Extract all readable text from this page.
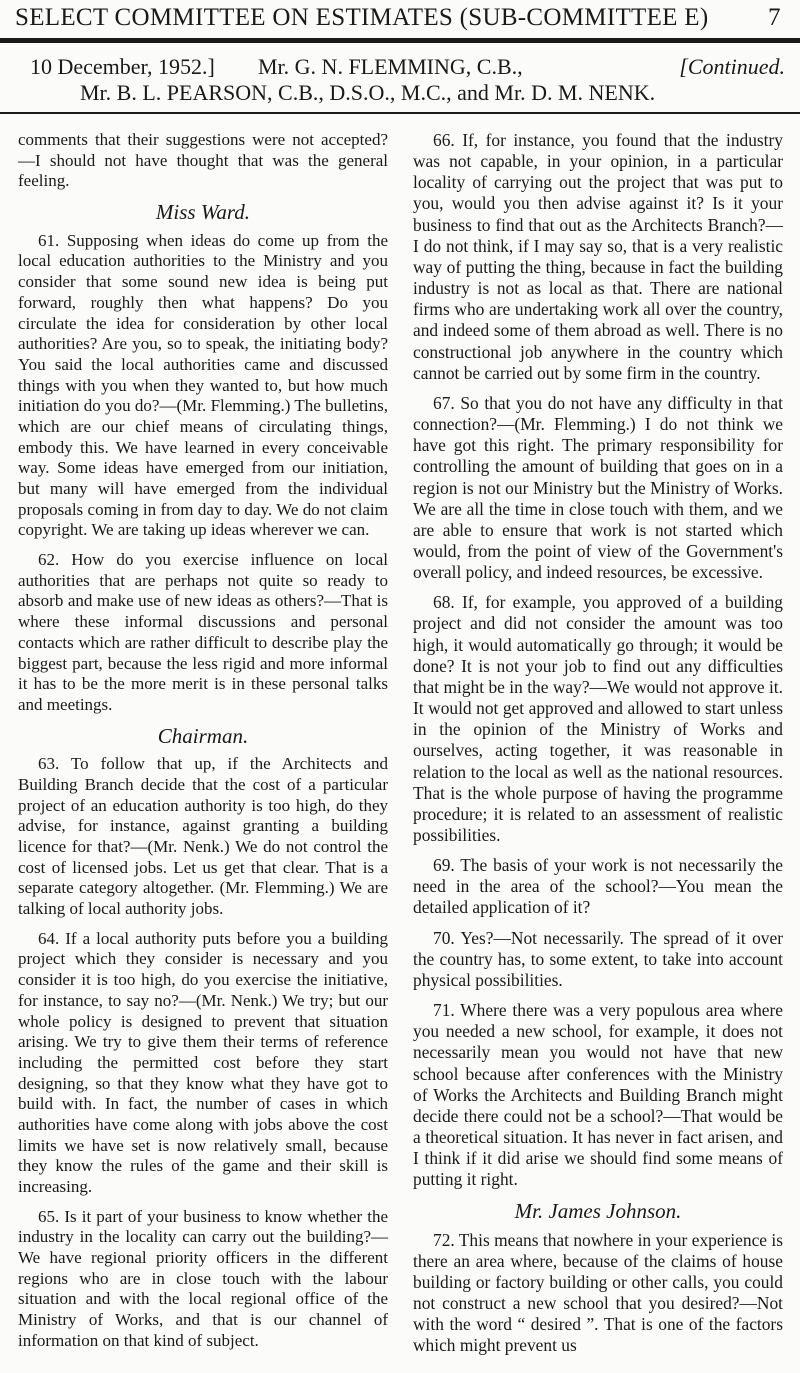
SELECT COMMITTEE ON ESTIMATES (SUB-COMMITTEE E)	7
10 December, 1952.] Mr. G. N. FLEMMING, C.B.,	[Continued.
Mr. B. L. PEARSON, C.B., D.S.O., M.C., and Mr. D. M. NENK.

comments that their suggestions were not accepted?—I should not have thought that was the general feeling.

Miss Ward.

61. Supposing when ideas do come up from the local education authorities to the Ministry and you consider that some sound new idea is being put forward, roughly then what happens? Do you circulate the idea for consideration by other local authorities? Are you, so to speak, the initiating body? You said the local authorities came and discussed things with you when they wanted to, but how much initiation do you do?—(Mr. Flemming.) The bulletins, which are our chief means of circulating things, embody this. We have learned in every conceivable way. Some ideas have emerged from our initiation, but many will have emerged from the individual proposals coming in from day to day. We do not claim copyright. We are taking up ideas wherever we can.

62. How do you exercise influence on local authorities that are perhaps not quite so ready to absorb and make use of new ideas as others?—That is where these informal discussions and personal contacts which are rather difficult to describe play the biggest part, because the less rigid and more informal it has to be the more merit is in these personal talks and meetings.

Chairman.

63. To follow that up, if the Architects and Building Branch decide that the cost of a particular project of an education authority is too high, do they advise, for instance, against granting a building licence for that?—(Mr. Nenk.) We do not control the cost of licensed jobs. Let us get that clear. That is a separate category altogether. (Mr. Flemming.) We are talking of local authority jobs.

64. If a local authority puts before you a building project which they consider is necessary and you consider it is too high, do you exercise the initiative, for instance, to say no?—(Mr. Nenk.) We try; but our whole policy is designed to prevent that situation arising. We try to give them their terms of reference including the permitted cost before they start designing, so that they know what they have got to build with. In fact, the number of cases in which authorities have come along with jobs above the cost limits we have set is now relatively small, because they know the rules of the game and their skill is increasing.

65. Is it part of your business to know whether the industry in the locality can carry out the building?—We have regional priority officers in the different regions who are in close touch with the labour situation and with the local regional office of the Ministry of Works, and that is our channel of information on that kind of subject.

66. If, for instance, you found that the industry was not capable, in your opinion, in a particular locality of carrying out the project that was put to you, would you then advise against it? Is it your business to find that out as the Architects Branch?—I do not think, if I may say so, that is a very realistic way of putting the thing, because in fact the building industry is not as local as that. There are national firms who are undertaking work all over the country, and indeed some of them abroad as well. There is no constructional job anywhere in the country which cannot be carried out by some firm in the country.

67. So that you do not have any difficulty in that connection?—(Mr. Flemming.) I do not think we have got this right. The primary responsibility for controlling the amount of building that goes on in a region is not our Ministry but the Ministry of Works. We are all the time in close touch with them, and we are able to ensure that work is not started which would, from the point of view of the Government's overall policy, and indeed resources, be excessive.

68. If, for example, you approved of a building project and did not consider the amount was too high, it would automatically go through; it would be done? It is not your job to find out any difficulties that might be in the way?—We would not approve it. It would not get approved and allowed to start unless in the opinion of the Ministry of Works and ourselves, acting together, it was reasonable in relation to the local as well as the national resources. That is the whole purpose of having the programme procedure; it is related to an assessment of realistic possibilities.

69. The basis of your work is not necessarily the need in the area of the school?—You mean the detailed application of it?

70. Yes?—Not necessarily. The spread of it over the country has, to some extent, to take into account physical possibilities.

71. Where there was a very populous area where you needed a new school, for example, it does not necessarily mean you would not have that new school because after conferences with the Ministry of Works the Architects and Building Branch might decide there could not be a school?—That would be a theoretical situation. It has never in fact arisen, and I think if it did arise we should find some means of putting it right.

Mr. James Johnson.

72. This means that nowhere in your experience is there an area where, because of the claims of house building or factory building or other calls, you could not construct a new school that you desired?—Not with the word “ desired ”. That is one of the factors which might prevent us
